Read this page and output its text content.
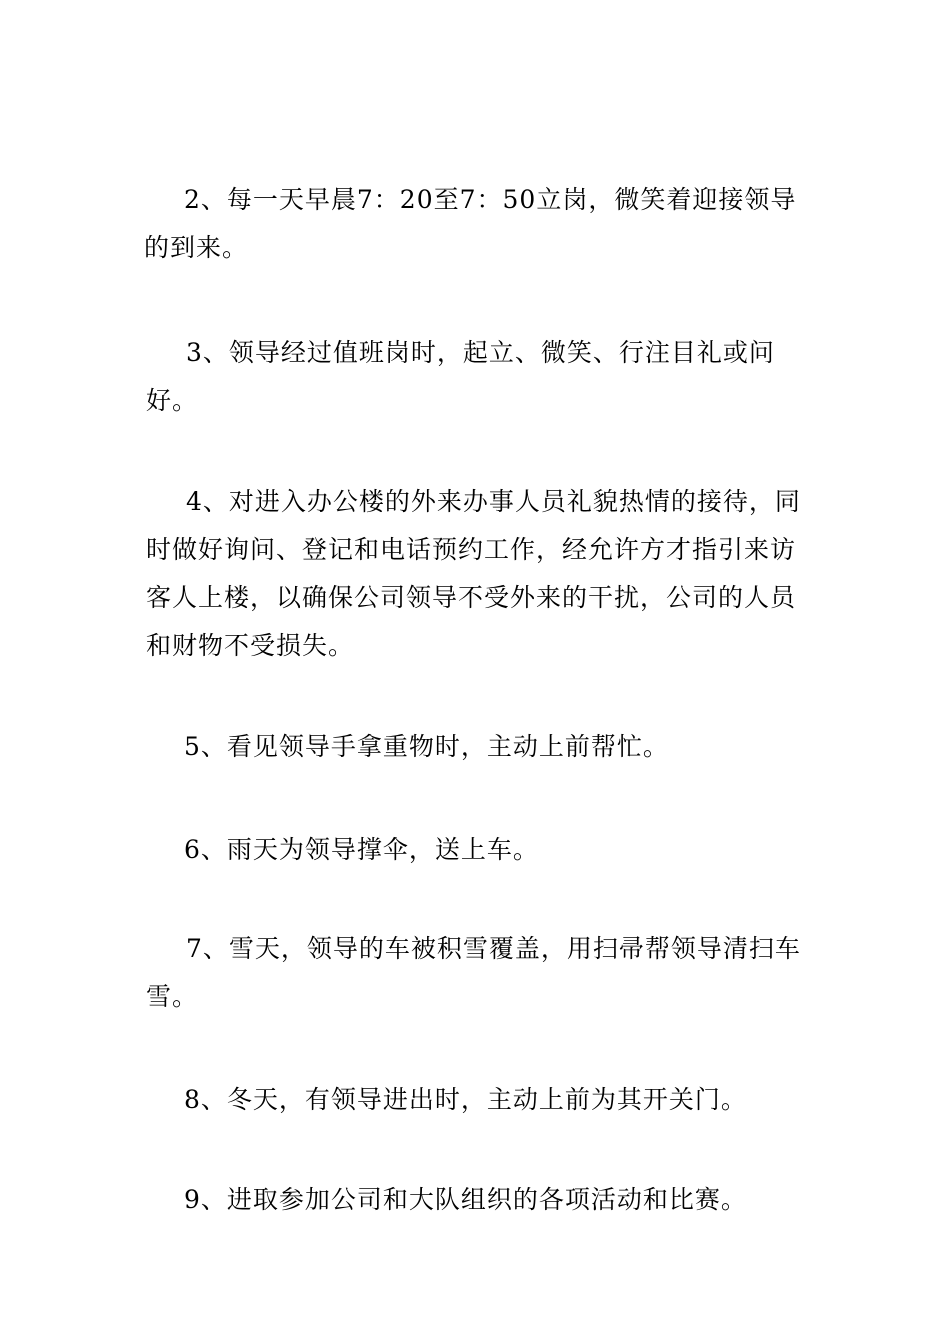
2、每一天早晨7：20至7：50立岗，微笑着迎接领导的到来。

3、领导经过值班岗时，起立、微笑、行注目礼或问好。

4、对进入办公楼的外来办事人员礼貌热情的接待，同时做好询问、登记和电话预约工作，经允许方才指引来访客人上楼，以确保公司领导不受外来的干扰，公司的人员和财物不受损失。

5、看见领导手拿重物时，主动上前帮忙。

6、雨天为领导撑伞，送上车。

7、雪天，领导的车被积雪覆盖，用扫帚帮领导清扫车雪。

8、冬天，有领导进出时，主动上前为其开关门。

9、进取参加公司和大队组织的各项活动和比赛。
